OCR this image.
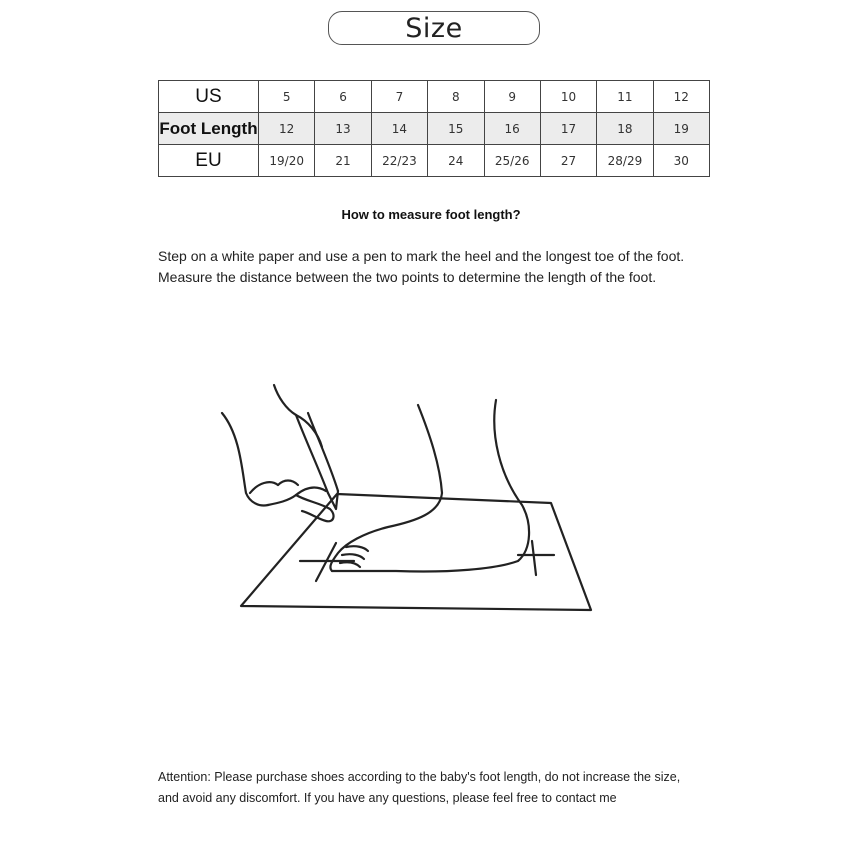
Size
US	5	6	7	8	9	10	11	12
Foot Length	12	13	14	15	16	17	18	19
EU	19/20	21	22/23	24	25/26	27	28/29	30
How to measure foot length?
Step on a white paper and use a pen to mark the heel and the longest toe of the foot.
Measure the distance between the two points to determine the length of the foot.
Attention: Please purchase shoes according to the baby's foot length, do not increase the size,
and avoid any discomfort. If you have any questions, please feel free to contact me
